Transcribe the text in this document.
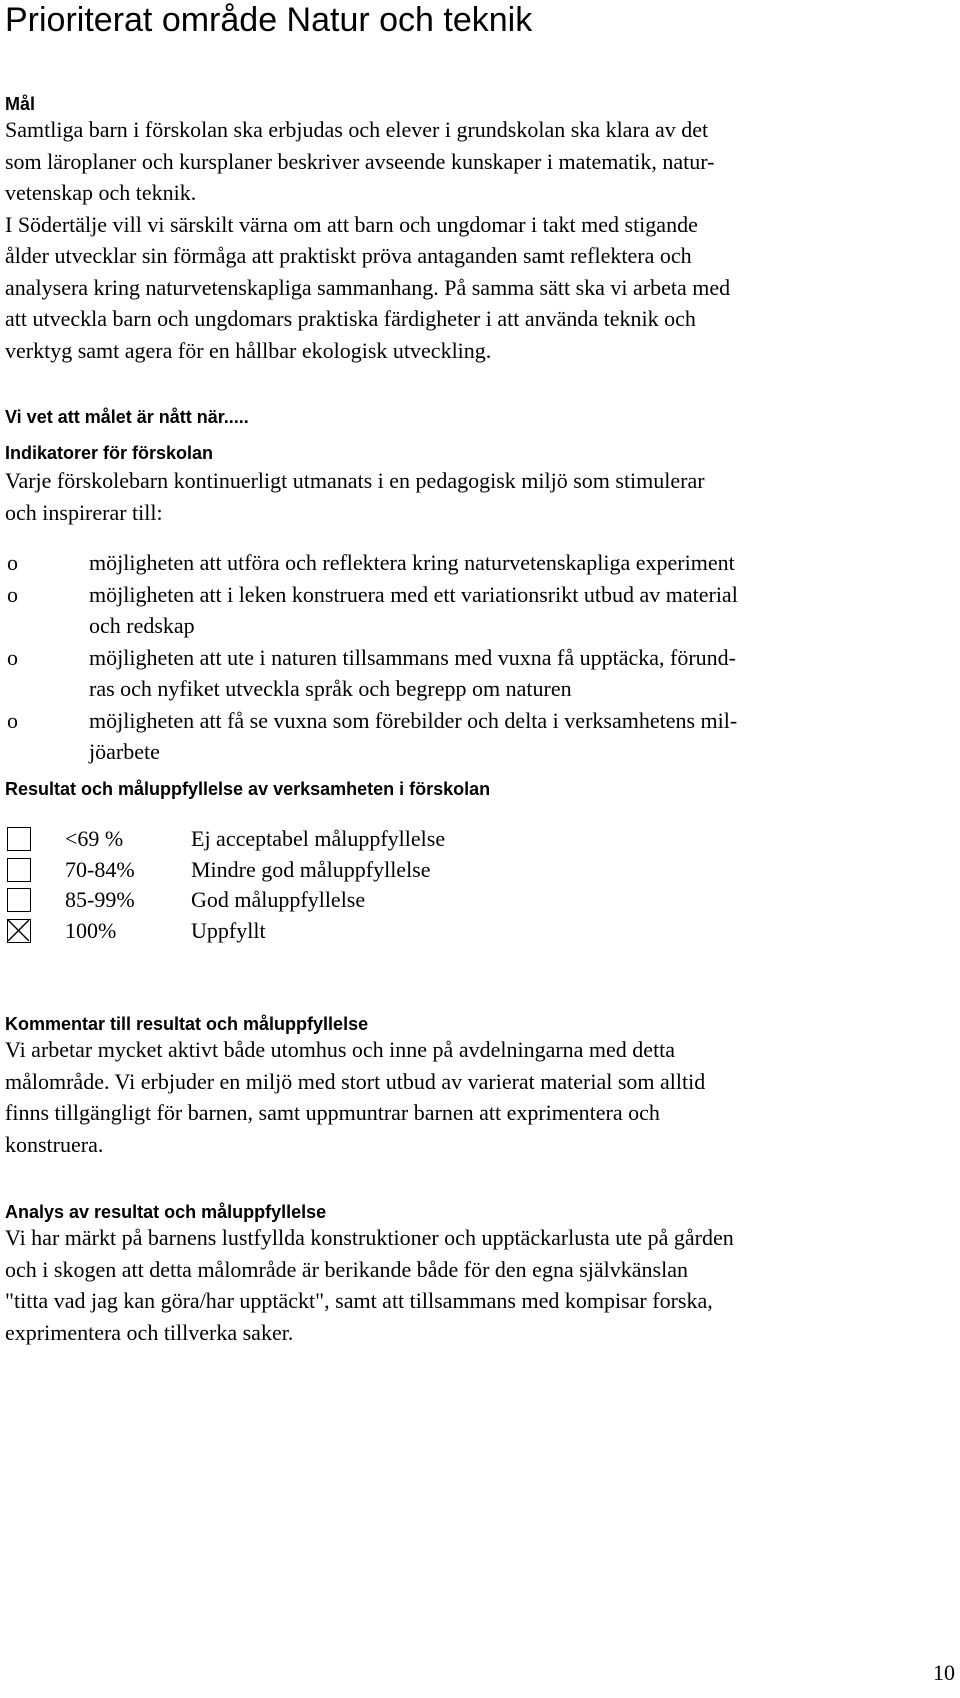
Prioriterat område Natur och teknik
Mål
Samtliga barn i förskolan ska erbjudas och elever i grundskolan ska klara av det
som läroplaner och kursplaner beskriver avseende kunskaper i matematik, natur-
vetenskap och teknik.
I Södertälje vill vi särskilt värna om att barn och ungdomar i takt med stigande
ålder utvecklar sin förmåga att praktiskt pröva antaganden samt reflektera och
analysera kring naturvetenskapliga sammanhang. På samma sätt ska vi arbeta med
att utveckla barn och ungdomars praktiska färdigheter i att använda teknik och
verktyg samt agera för en hållbar ekologisk utveckling.
Vi vet att målet är nått när.....
Indikatorer för förskolan
Varje förskolebarn kontinuerligt utmanats i en pedagogisk miljö som stimulerar
och inspirerar till:
o	möjligheten att utföra och reflektera kring naturvetenskapliga experiment
o	möjligheten att i leken konstruera med ett variationsrikt utbud av material
och redskap
o	möjligheten att ute i naturen tillsammans med vuxna få upptäcka, förund-
ras och nyfiket utveckla språk och begrepp om naturen
o	möjligheten att få se vuxna som förebilder och delta i verksamhetens mil-
jöarbete
Resultat och måluppfyllelse av verksamheten i förskolan
<69 %	Ej acceptabel måluppfyllelse
70-84%	Mindre god måluppfyllelse
85-99%	God måluppfyllelse
100%	Uppfyllt
Kommentar till resultat och måluppfyllelse
Vi arbetar mycket aktivt både utomhus och inne på avdelningarna med detta
målområde. Vi erbjuder en miljö med stort utbud av varierat material som alltid
finns tillgängligt för barnen, samt uppmuntrar barnen att exprimentera och
konstruera.
Analys av resultat och måluppfyllelse
Vi har märkt på barnens lustfyllda konstruktioner och upptäckarlusta ute på gården
och i skogen att detta målområde är berikande både för den egna självkänslan
"titta vad jag kan göra/har upptäckt", samt att tillsammans med kompisar forska,
exprimentera och tillverka saker.
10
